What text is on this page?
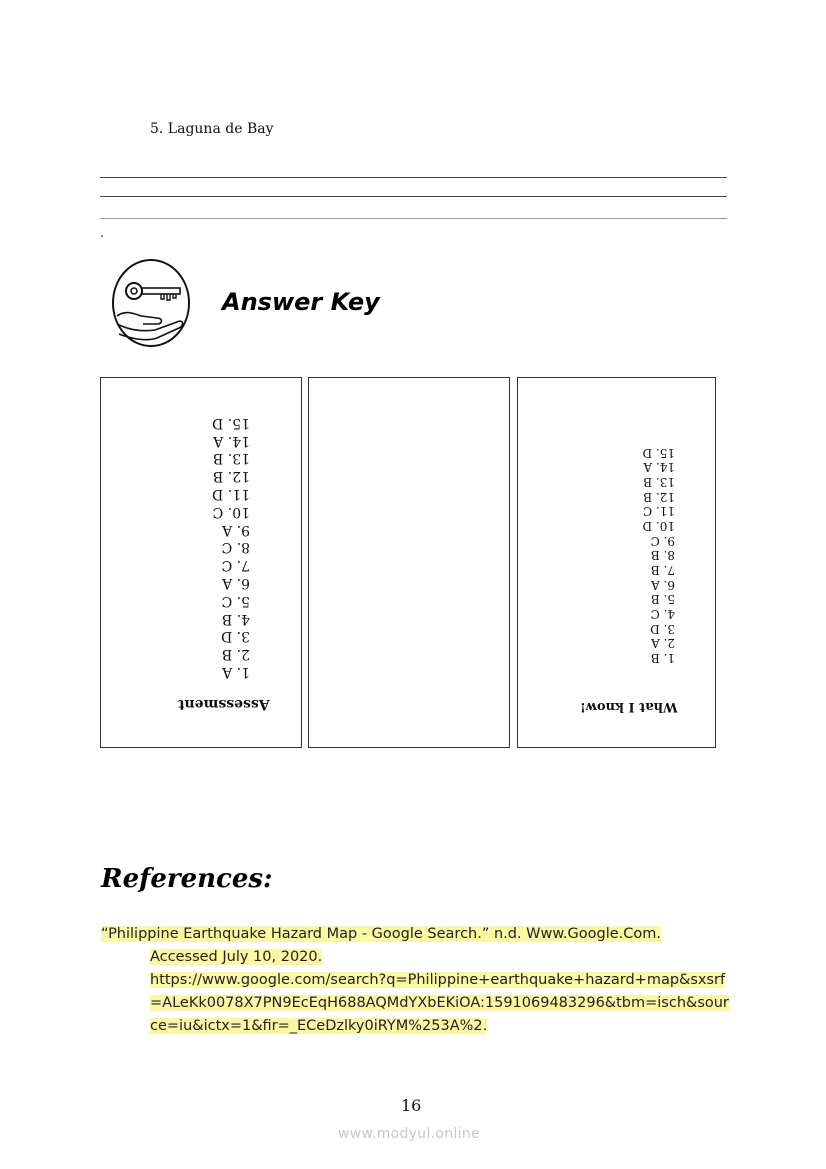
5. Laguna de Bay
.
Answer Key
1. A
2. B
3. D
4. B
5. C
6. A
7. C
8. C
9. A
10. C
11. D
12. B
13. B
14. A
15. D
Assessment
1. B
2. A
3. D
4. C
5. B
6. A
7. B
8. B
9. C
10. D
11. C
12. B
13. B
14. A
15. D
What I know!
References:
“Philippine Earthquake Hazard Map - Google Search.” n.d. Www.Google.Com.
Accessed July 10, 2020.
https://www.google.com/search?q=Philippine+earthquake+hazard+map&sxsrf=ALeKk0078X7PN9EcEqH688AQMdYXbEKiOA:1591069483296&tbm=isch&source=iu&ictx=1&fir=_ECeDzlky0iRYM%253A%2.
16
www.modyul.online
